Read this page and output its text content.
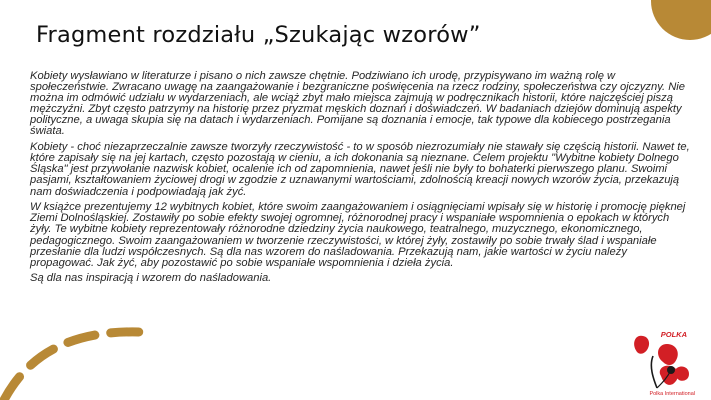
Fragment rozdziału „Szukając wzorów”

Kobiety wysławiano w literaturze i pisano o nich zawsze chętnie. Podziwiano ich urodę, przypisywano im ważną rolę w społeczeństwie. Zwracano uwagę na zaangażowanie i bezgraniczne poświęcenia na rzecz rodziny, społeczeństwa czy ojczyzny. Nie można im odmówić udziału w wydarzeniach, ale wciąż zbyt mało miejsca zajmują w podręcznikach historii, które najczęściej piszą mężczyźni. Zbyt często patrzymy na historię przez pryzmat męskich doznań i doświadczeń. W badaniach dziejów dominują aspekty polityczne, a uwaga skupia się na datach i wydarzeniach. Pomijane są doznania i emocje, tak typowe dla kobiecego postrzegania świata.

Kobiety - choć niezaprzeczalnie zawsze tworzyły rzeczywistość - to w sposób niezrozumiały nie stawały się częścią historii. Nawet te, które zapisały się na jej kartach, często pozostają w cieniu, a ich dokonania są nieznane. Celem projektu "Wybitne kobiety Dolnego Śląska" jest przywołanie nazwisk kobiet, ocalenie ich od zapomnienia, nawet jeśli nie były to bohaterki pierwszego planu. Swoimi pasjami, kształtowaniem życiowej drogi w zgodzie z uznawanymi wartościami, zdolnością kreacji nowych wzorów życia, przekazują nam doświadczenia i podpowiadają jak żyć.

W książce prezentujemy 12 wybitnych kobiet, które swoim zaangażowaniem i osiągnięciami wpisały się w historię i promocję pięknej Ziemi Dolnośląskiej. Zostawiły po sobie efekty swojej ogromnej, różnorodnej pracy i wspaniałe wspomnienia o epokach w których żyły. Te wybitne kobiety reprezentowały różnorodne dziedziny życia naukowego, teatralnego, muzycznego, ekonomicznego, pedagogicznego. Swoim zaangażowaniem w tworzenie rzeczywistości, w której żyły, zostawiły po sobie trwały ślad i wspaniałe przesłanie dla ludzi współczesnych. Są dla nas wzorem do naśladowania. Przekazują nam, jakie wartości w życiu należy propagować. Jak żyć, aby pozostawić po sobie wspaniałe wspomnienia i dzieła życia.

Są dla nas inspiracją i wzorem do naśladowania.

POLKA
Polka International
